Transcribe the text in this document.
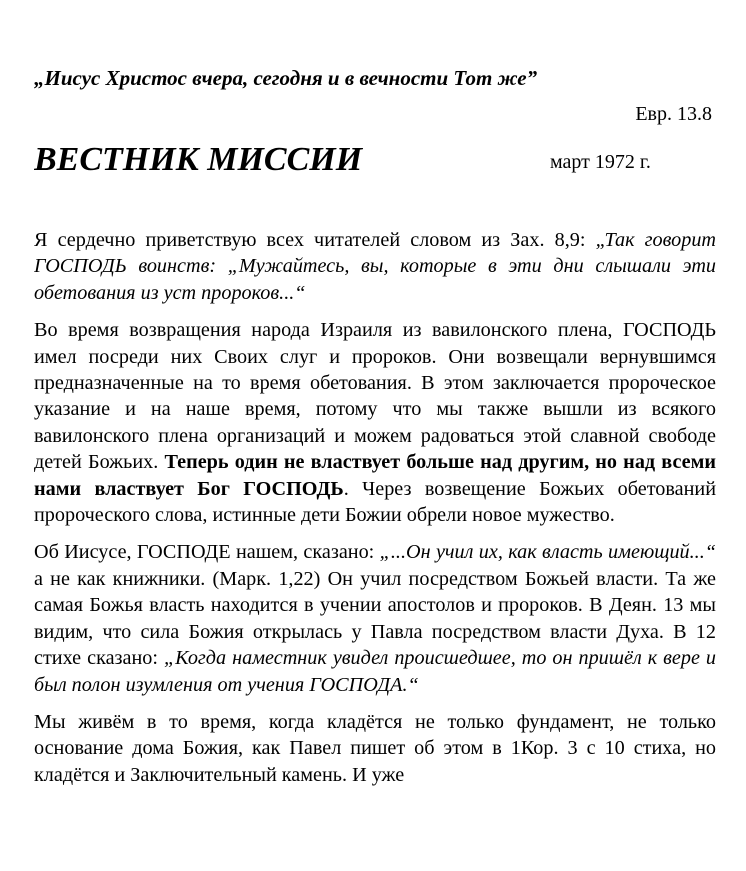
„Иисус Христос вчера, сегодня и в вечности Тот же”
Евр. 13.8
ВЕСТНИК МИССИИ	март 1972 г.

Я сердечно приветствую всех читателей словом из Зах. 8,9: „Так говорит ГОСПОДЬ воинств: „Мужайтесь, вы, которые в эти дни слышали эти обетования из уст пророков...“

Во время возвращения народа Израиля из вавилонского плена, ГОСПОДЬ имел посреди них Своих слуг и пророков. Они возвещали вернувшимся предназначенные на то время обетования. В этом заключается пророческое указание и на наше время, потому что мы также вышли из всякого вавилонского плена организаций и можем радоваться этой славной свободе детей Божьих. Теперь один не властвует больше над другим, но над всеми нами властвует Бог ГОСПОДЬ. Через возвещение Божьих обетований пророческого слова, истинные дети Божии обрели новое мужество.

Об Иисусе, ГОСПОДЕ нашем, сказано: „...Он учил их, как власть имеющий...“ а не как книжники. (Марк. 1,22) Он учил посредством Божьей власти. Та же самая Божья власть находится в учении апостолов и пророков. В Деян. 13 мы видим, что сила Божия открылась у Павла посредством власти Духа. В 12 стихе сказано: „Когда наместник увидел происшедшее, то он пришёл к вере и был полон изумления от учения ГОСПОДА.“

Мы живём в то время, когда кладётся не только фундамент, не только основание дома Божия, как Павел пишет об этом в 1Кор. 3 с 10 стиха, но кладётся и Заключительный камень. И уже
